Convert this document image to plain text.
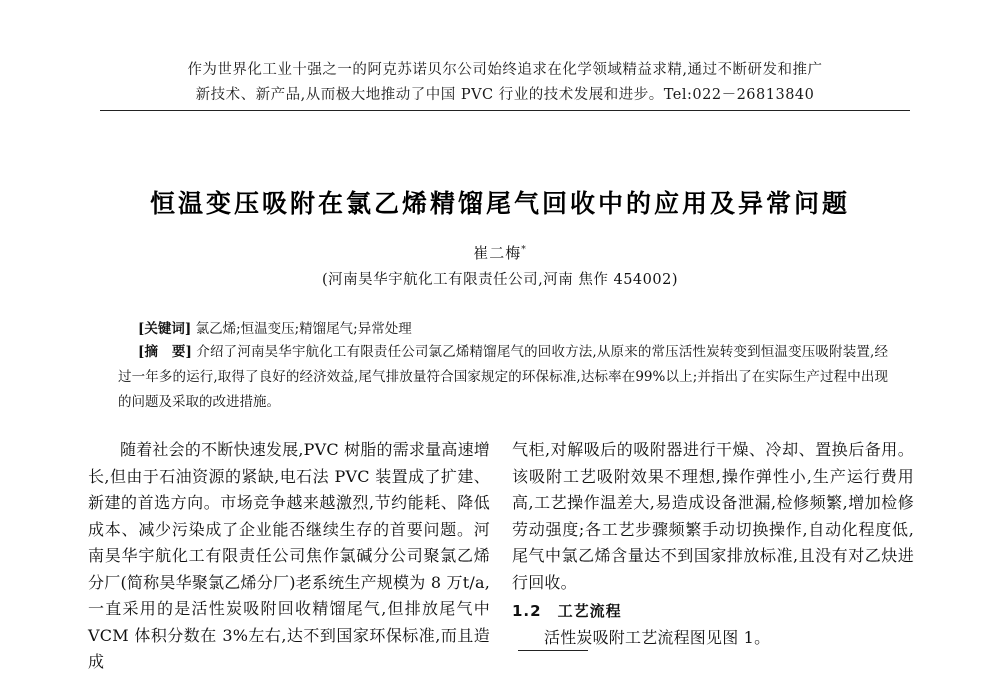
作为世界化工业十强之一的阿克苏诺贝尔公司始终追求在化学领域精益求精,通过不断研发和推广
新技术、新产品,从而极大地推动了中国 PVC 行业的技术发展和进步。Tel:022－26813840
恒温变压吸附在氯乙烯精馏尾气回收中的应用及异常问题
崔二梅*
(河南昊华宇航化工有限责任公司,河南 焦作 454002)
[关键词] 氯乙烯;恒温变压;精馏尾气;异常处理
[摘　要] 介绍了河南昊华宇航化工有限责任公司氯乙烯精馏尾气的回收方法,从原来的常压活性炭转变到恒温变压吸附装置,经过一年多的运行,取得了良好的经济效益,尾气排放量符合国家规定的环保标准,达标率在99%以上;并指出了在实际生产过程中出现的问题及采取的改进措施。
随着社会的不断快速发展,PVC 树脂的需求量高速增长,但由于石油资源的紧缺,电石法 PVC 装置成了扩建、新建的首选方向。市场竞争越来越激烈,节约能耗、降低成本、减少污染成了企业能否继续生存的首要问题。河南昊华宇航化工有限责任公司焦作氯碱分公司聚氯乙烯分厂(简称昊华聚氯乙烯分厂)老系统生产规模为 8 万t/a,一直采用的是活性炭吸附回收精馏尾气,但排放尾气中 VCM 体积分数在 3%左右,达不到国家环保标准,而且造成
气柜,对解吸后的吸附器进行干燥、冷却、置换后备用。该吸附工艺吸附效果不理想,操作弹性小,生产运行费用高,工艺操作温差大,易造成设备泄漏,检修频繁,增加检修劳动强度;各工艺步骤频繁手动切换操作,自动化程度低,尾气中氯乙烯含量达不到国家排放标准,且没有对乙炔进行回收。
1.2 工艺流程
活性炭吸附工艺流程图见图 1。
